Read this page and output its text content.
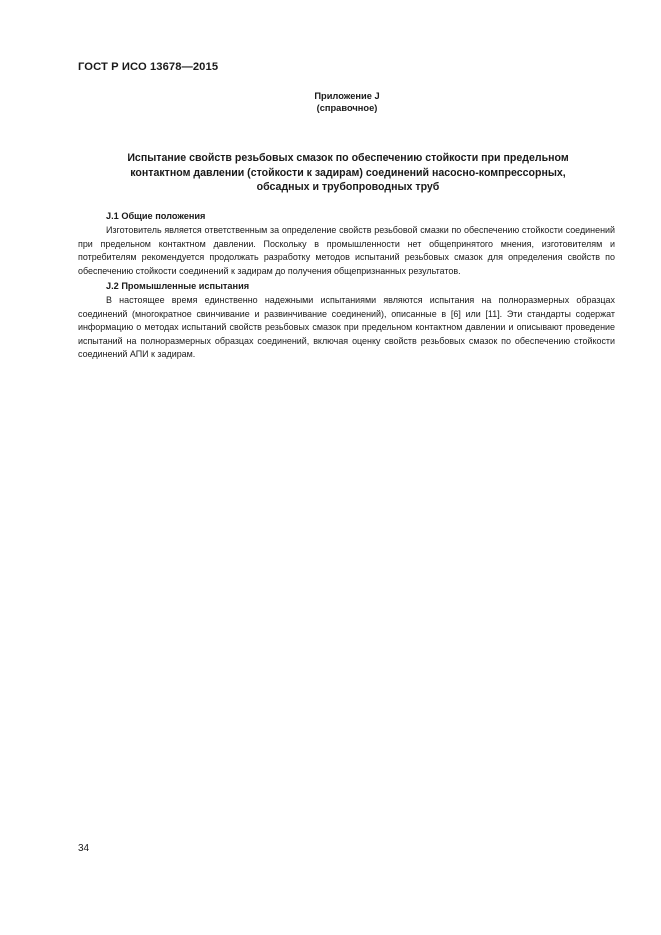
ГОСТ Р ИСО 13678—2015
Приложение J
(справочное)
Испытание свойств резьбовых смазок по обеспечению стойкости при предельном
контактном давлении (стойкости к задирам) соединений насосно-компрессорных,
обсадных и трубопроводных труб
J.1 Общие положения
Изготовитель является ответственным за определение свойств резьбовой смазки по обеспечению стойкости соединений при предельном контактном давлении. Поскольку в промышленности нет общепринятого мнения, изготовителям и потребителям рекомендуется продолжать разработку методов испытаний резьбовых смазок для определения свойств по обеспечению стойкости соединений к задирам до получения общепризнанных результатов.
J.2 Промышленные испытания
В настоящее время единственно надежными испытаниями являются испытания на полноразмерных образцах соединений (многократное свинчивание и развинчивание соединений), описанные в [6] или [11]. Эти стандарты содержат информацию о методах испытаний свойств резьбовых смазок при предельном контактном давлении и описывают проведение испытаний на полноразмерных образцах соединений, включая оценку свойств резьбовых смазок по обеспечению стойкости соединений АПИ к задирам.
34
